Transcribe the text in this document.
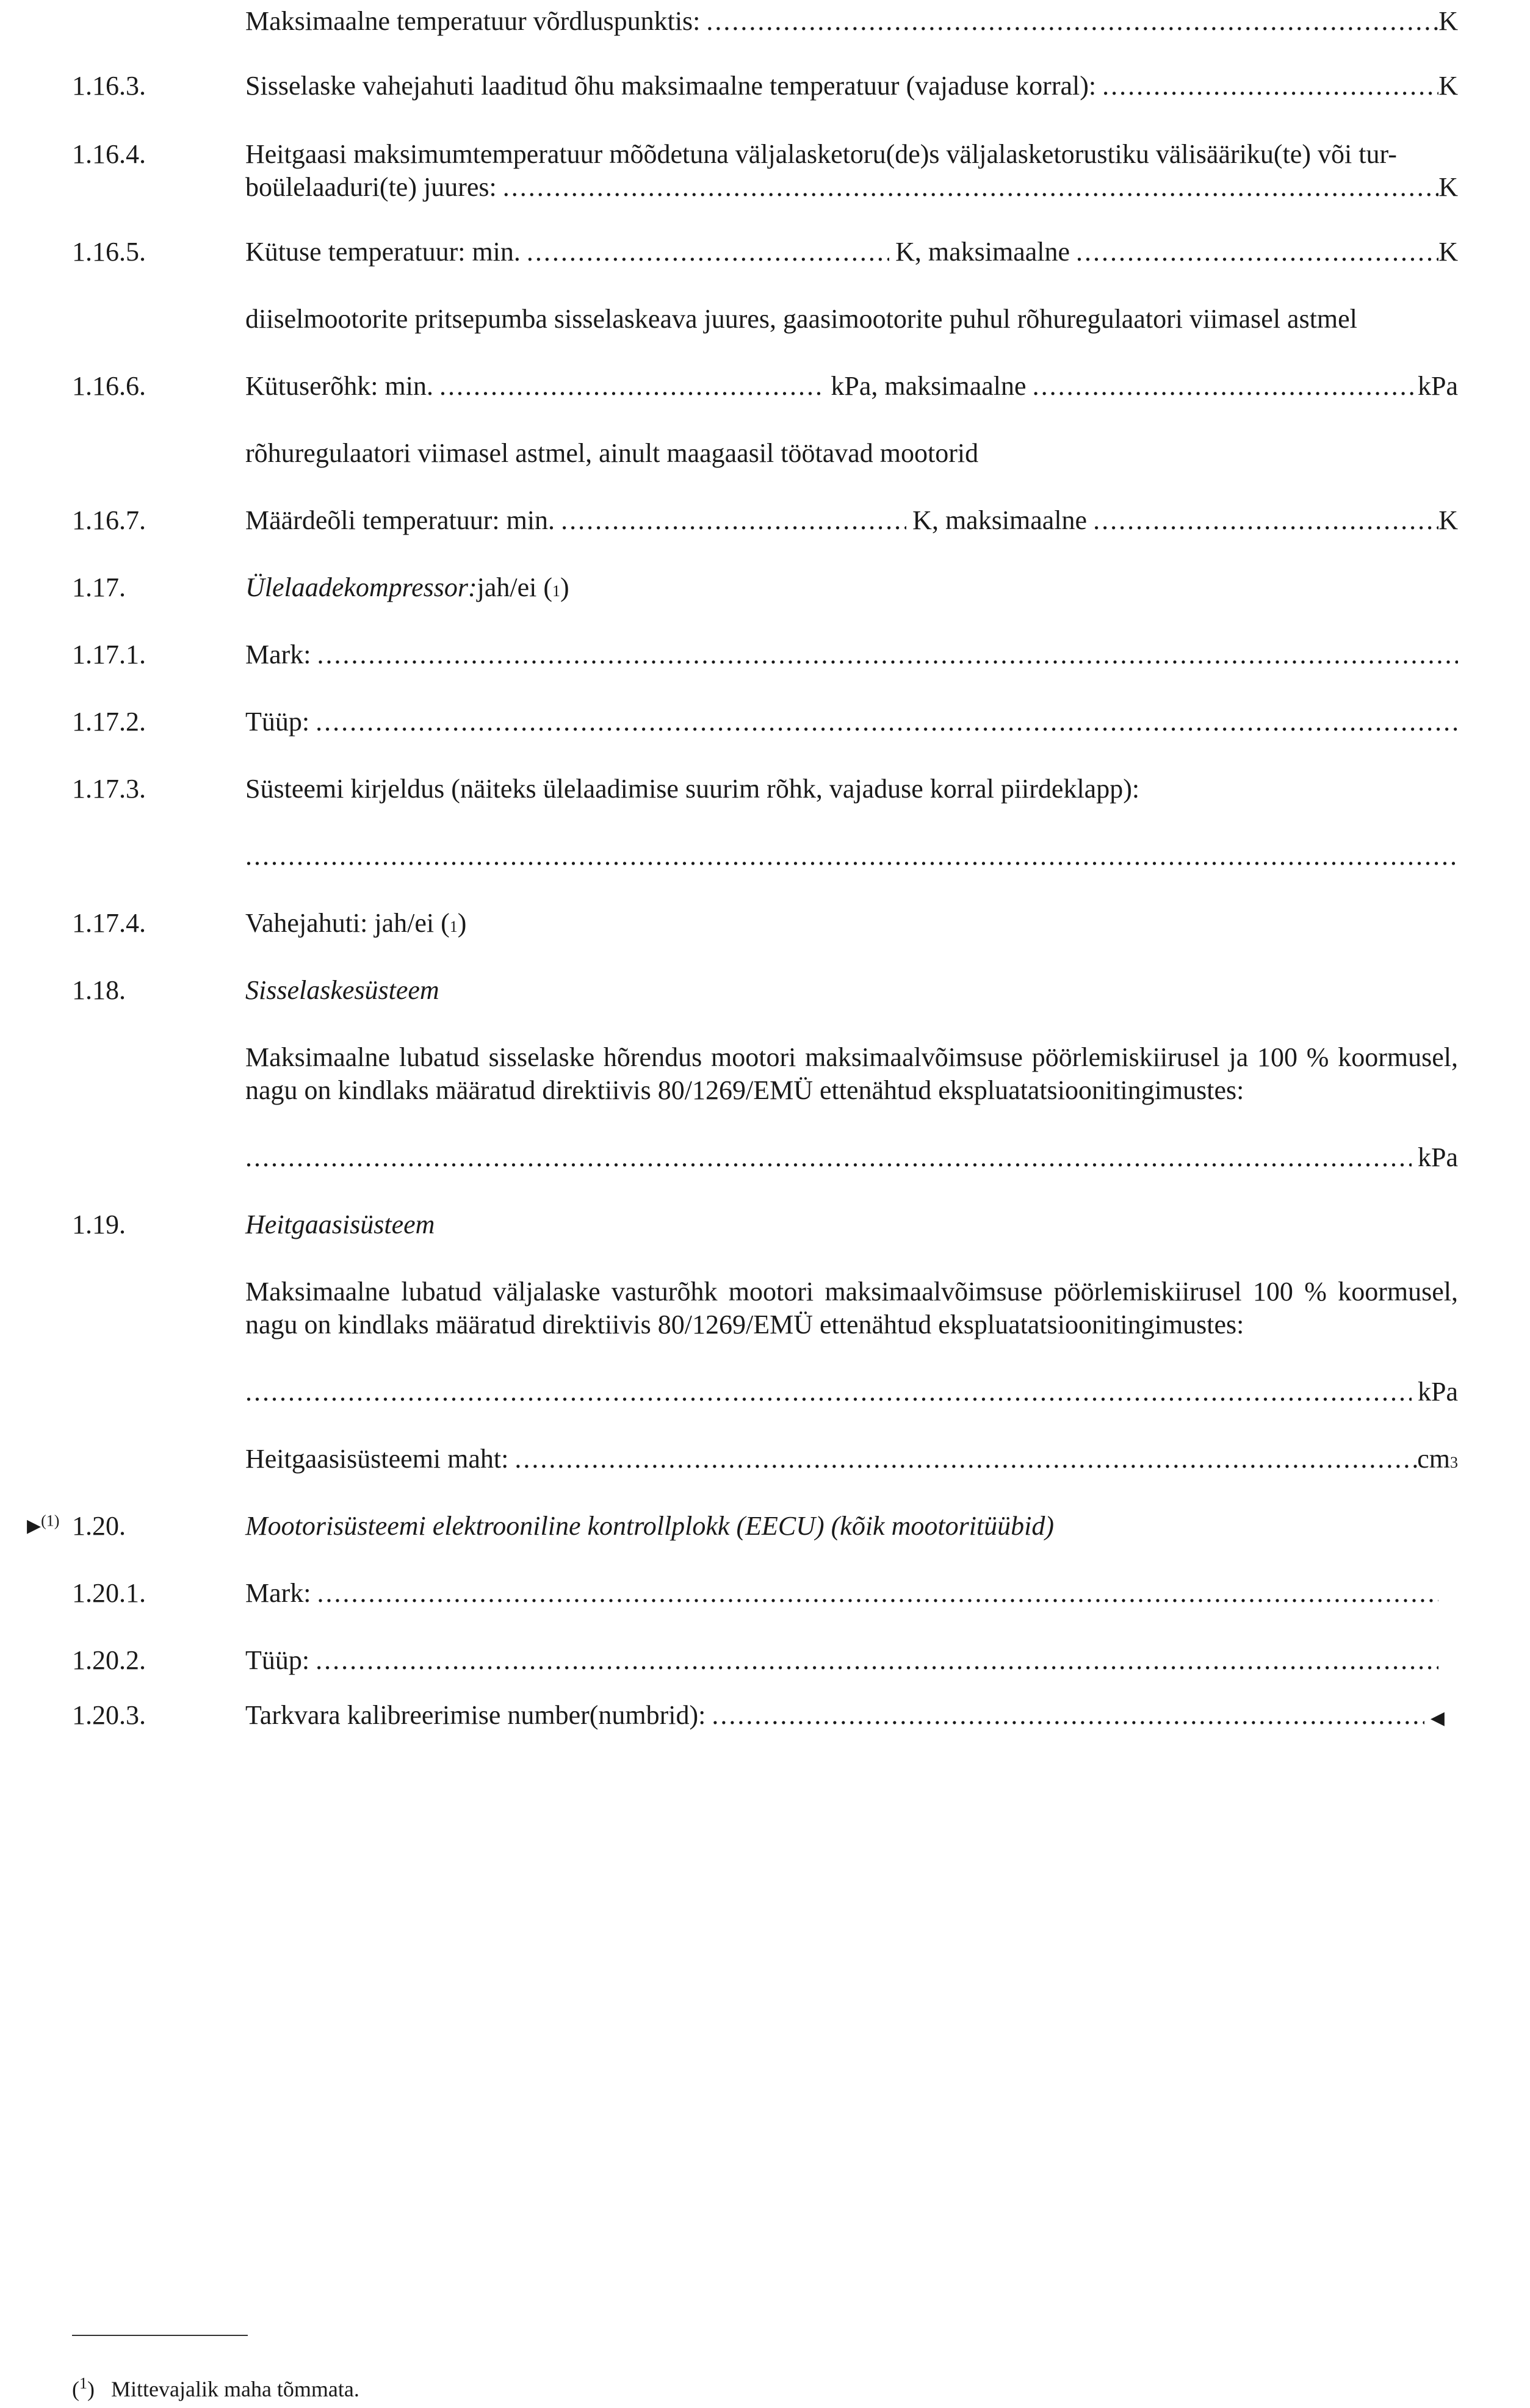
Maksimaalne temperatuur võrdluspunktis: .....	K
1.16.3.	Sisselaske vahejahuti laaditud õhu maksimaalne temperatuur (vajaduse korral): .....	K
1.16.4.	Heitgaasi maksimumtemperatuur mõõdetuna väljalasketoru(de)s väljalasketorustiku välisääriku(te) või tur-
boülelaaduri(te) juures: .....	K
1.16.5.	Kütuse temperatuur: min. .....	K, maksimaalne .....	K
diiselmootorite pritsepumba sisselaskeava juures, gaasimootorite puhul rõhuregulaatori viimasel astmel
1.16.6.	Kütuserõhk: min. .....	kPa, maksimaalne .....	kPa
rõhuregulaatori viimasel astmel, ainult maagaasil töötavad mootorid
1.16.7.	Määrdeõli temperatuur: min. .....	K, maksimaalne .....	K
1.17.	Ülelaadekompressor: jah/ei ( 1 )
1.17.1.	Mark:
.....
1.17.2.	Tüüp:
.....
1.17.3.	Süsteemi kirjeldus (näiteks ülelaadimise suurim rõhk, vajaduse korral piirdeklapp):
.....
1.17.4.	Vahejahuti: jah/ei ( 1 )
1.18.	Sisselaskesüsteem
Maksimaalne lubatud sisselaske hõrendus mootori maksimaalvõimsuse pöörlemiskiirusel ja 100 % koormusel, nagu on kindlaks määratud direktiivis 80/1269/EMÜ ettenähtud ekspluatatsioonitingimustes:
.....
kPa
1.19.	Heitgaasisüsteem
Maksimaalne lubatud väljalaske vasturõhk mootori maksimaalvõimsuse pöörlemiskiirusel 100 % koormusel, nagu on kindlaks määratud direktiivis 80/1269/EMÜ ettenähtud ekspluatatsioonitingimustes:
.....
kPa
Heitgaasisüsteemi maht: .....	cm 3
▶$^{(1)}$ 1.20.	Mootorisüsteemi elektrooniline kontrollplokk (EECU) (kõik mootoritüübid)
1.20.1.	Mark:
.....
1.20.2.	Tüüp:
.....
1.20.3.	Tarkvara kalibreerimise number(numbrid): .....	◀
($^1$)   Mittevajalik maha tõmmata.
